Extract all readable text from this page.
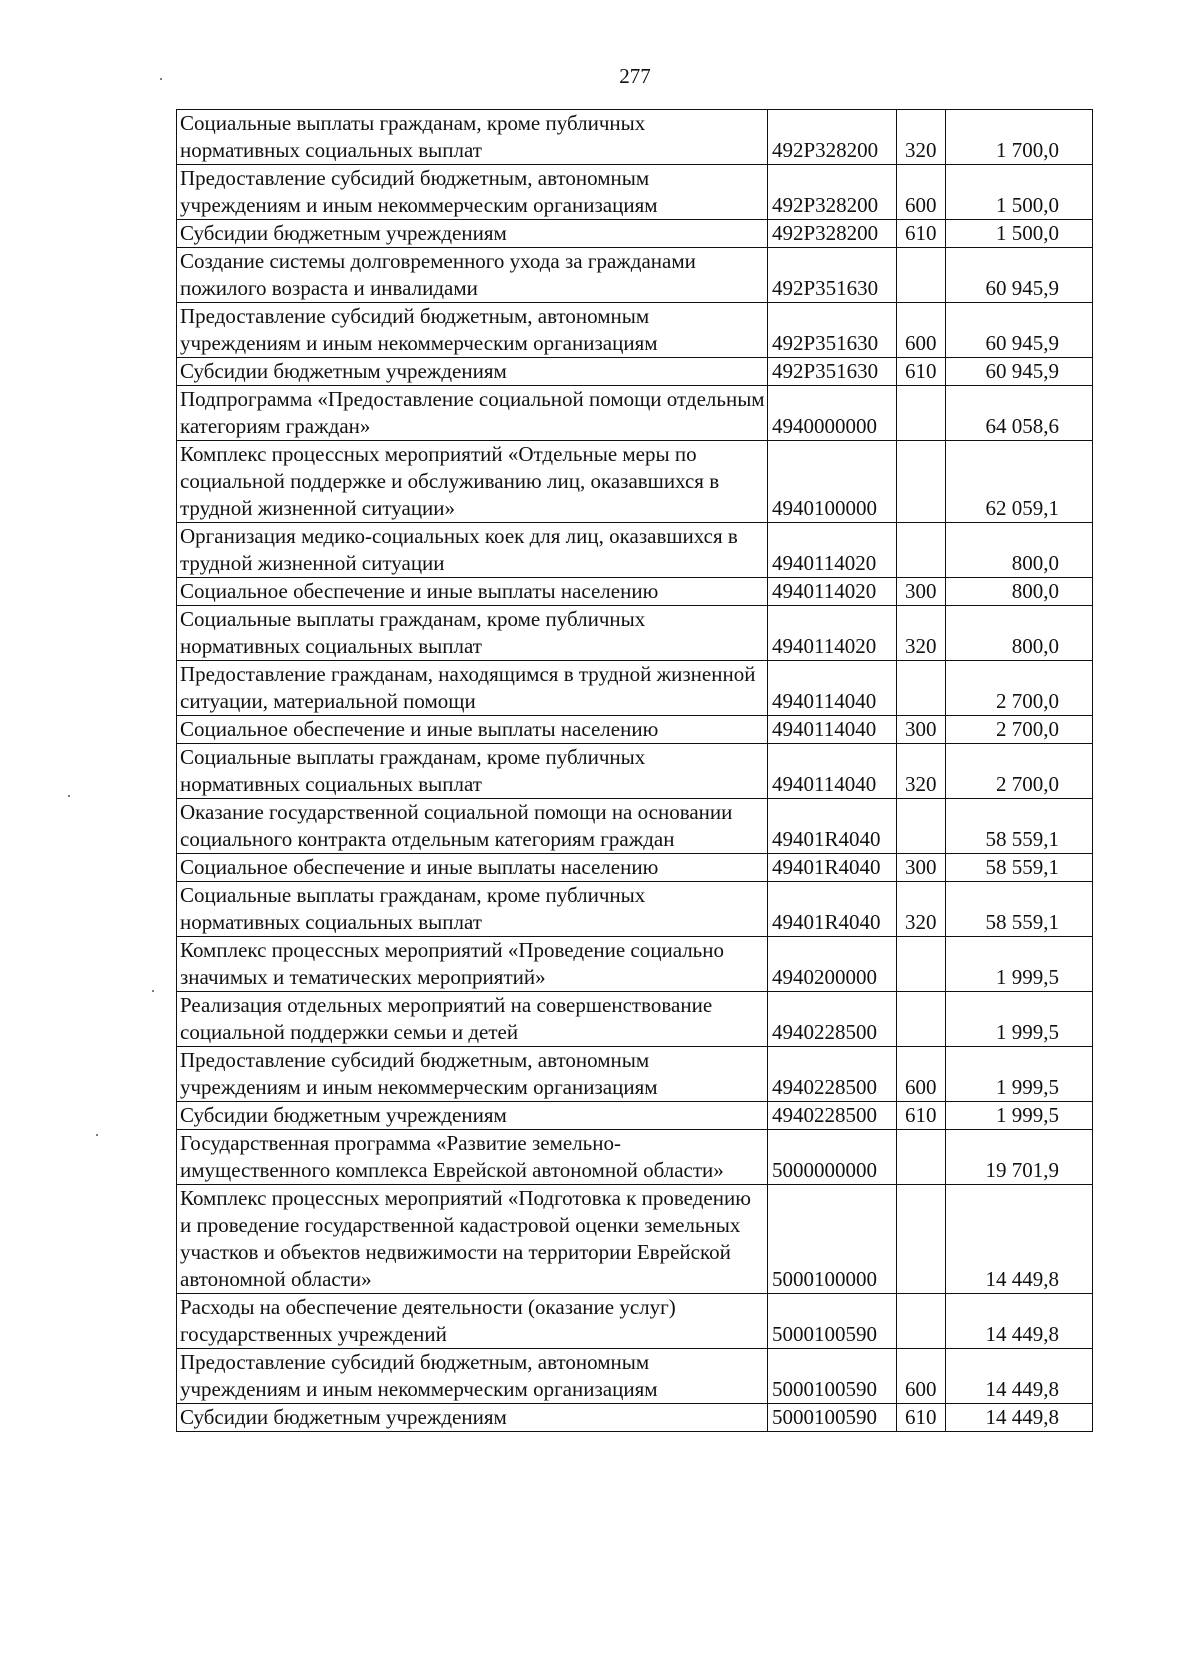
277
Социальные выплаты гражданам, кроме публичных нормативных социальных выплат	492P328200	320	1 700,0
Предоставление субсидий бюджетным, автономным учреждениям и иным некоммерческим организациям	492P328200	600	1 500,0
Субсидии бюджетным учреждениям	492P328200	610	1 500,0
Создание системы долговременного ухода за гражданами пожилого возраста и инвалидами	492P351630		60 945,9
Предоставление субсидий бюджетным, автономным учреждениям и иным некоммерческим организациям	492P351630	600	60 945,9
Субсидии бюджетным учреждениям	492P351630	610	60 945,9
Подпрограмма «Предоставление социальной помощи отдельным категориям граждан»	4940000000		64 058,6
Комплекс процессных мероприятий «Отдельные меры по социальной поддержке и обслуживанию лиц, оказавшихся в трудной жизненной ситуации»	4940100000		62 059,1
Организация медико-социальных коек для лиц, оказавшихся в трудной жизненной ситуации	4940114020		800,0
Социальное обеспечение и иные выплаты населению	4940114020	300	800,0
Социальные выплаты гражданам, кроме публичных нормативных социальных выплат	4940114020	320	800,0
Предоставление гражданам, находящимся в трудной жизненной ситуации, материальной помощи	4940114040		2 700,0
Социальное обеспечение и иные выплаты населению	4940114040	300	2 700,0
Социальные выплаты гражданам, кроме публичных нормативных социальных выплат	4940114040	320	2 700,0
Оказание государственной социальной помощи на основании социального контракта отдельным категориям граждан	49401R4040		58 559,1
Социальное обеспечение и иные выплаты населению	49401R4040	300	58 559,1
Социальные выплаты гражданам, кроме публичных нормативных социальных выплат	49401R4040	320	58 559,1
Комплекс процессных мероприятий «Проведение социально значимых и тематических мероприятий»	4940200000		1 999,5
Реализация отдельных мероприятий на совершенствование социальной поддержки семьи и детей	4940228500		1 999,5
Предоставление субсидий бюджетным, автономным учреждениям и иным некоммерческим организациям	4940228500	600	1 999,5
Субсидии бюджетным учреждениям	4940228500	610	1 999,5
Государственная программа «Развитие земельно-имущественного комплекса Еврейской автономной области»	5000000000		19 701,9
Комплекс процессных мероприятий «Подготовка к проведению и проведение государственной кадастровой оценки земельных участков и объектов недвижимости на территории Еврейской автономной области»	5000100000		14 449,8
Расходы на обеспечение деятельности (оказание услуг) государственных учреждений	5000100590		14 449,8
Предоставление субсидий бюджетным, автономным учреждениям и иным некоммерческим организациям	5000100590	600	14 449,8
Субсидии бюджетным учреждениям	5000100590	610	14 449,8
